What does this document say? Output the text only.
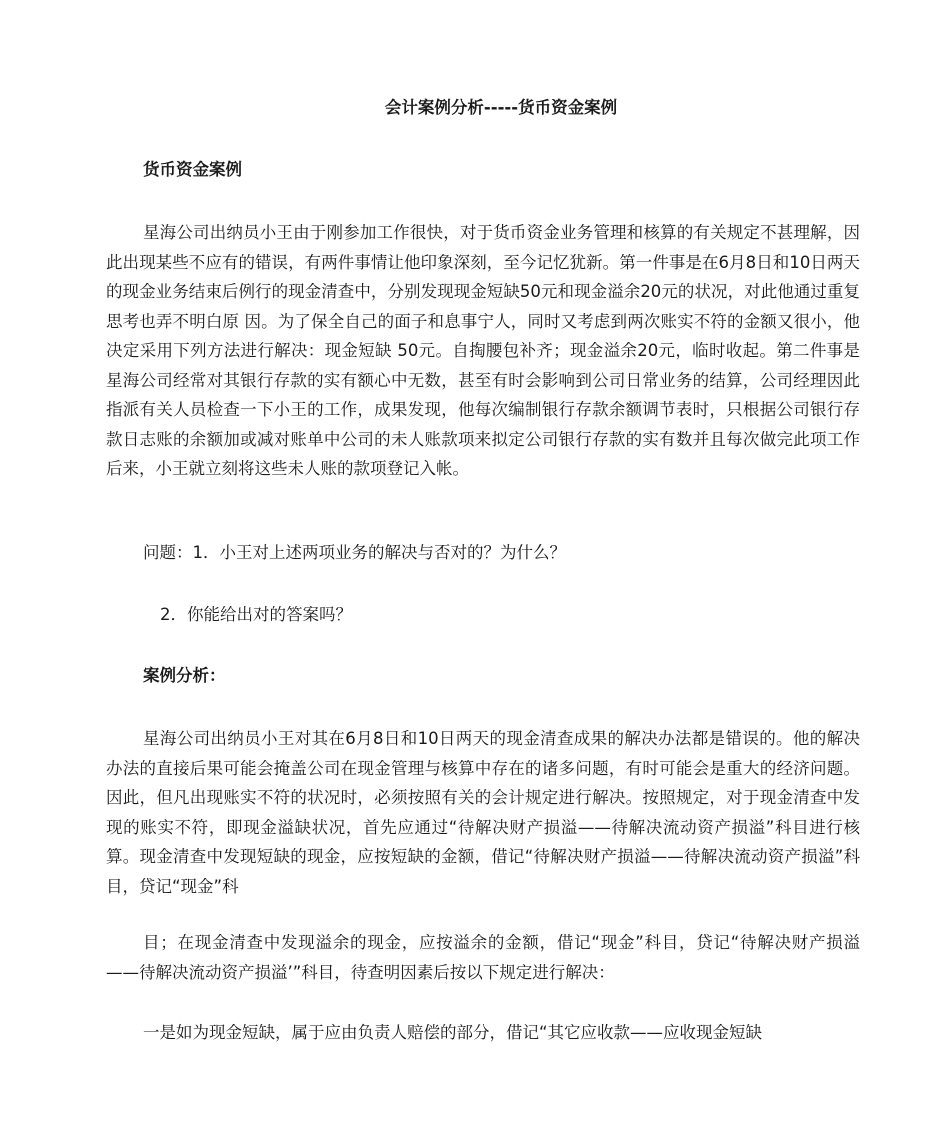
会计案例分析-----货币资金案例
货币资金案例

星海公司出纳员小王由于刚参加工作很快，对于货币资金业务管理和核算的有关规定不甚理解，因此出现某些不应有的错误，有两件事情让他印象深刻，至今记忆犹新。第一件事是在6月8日和10日两天的现金业务结束后例行的现金清查中，分别发现现金短缺50元和现金溢余20元的状况，对此他通过重复思考也弄不明白原 因。为了保全自己的面子和息事宁人，同时又考虑到两次账实不符的金额又很小，他决定采用下列方法进行解决：现金短缺 50元。自掏腰包补齐；现金溢余20元，临时收起。第二件事是星海公司经常对其银行存款的实有额心中无数，甚至有时会影响到公司日常业务的结算，公司经理因此指派有关人员检查一下小王的工作，成果发现，他每次编制银行存款余额调节表时，只根据公司银行存款日志账的余额加或减对账单中公司的未人账款项来拟定公司银行存款的实有数并且每次做完此项工作后来，小王就立刻将这些未人账的款项登记入帐。

问题：1．小王对上述两项业务的解决与否对的？为什么？
2．你能给出对的答案吗？
案例分析：

星海公司出纳员小王对其在6月8日和10日两天的现金清查成果的解决办法都是错误的。他的解决办法的直接后果可能会掩盖公司在现金管理与核算中存在的诸多问题，有时可能会是重大的经济问题。因此，但凡出现账实不符的状况时，必须按照有关的会计规定进行解决。按照规定，对于现金清查中发现的账实不符，即现金溢缺状况，首先应通过“待解决财产损溢——待解决流动资产损溢”科目进行核算。现金清查中发现短缺的现金，应按短缺的金额，借记“待解决财产损溢——待解决流动资产损溢”科目，贷记“现金”科

目；在现金清查中发现溢余的现金，应按溢余的金额，借记“现金”科目，贷记“待解决财产损溢——待解决流动资产损溢’”科目，待查明因素后按以下规定进行解决：

一是如为现金短缺，属于应由负责人赔偿的部分，借记“其它应收款——应收现金短缺
